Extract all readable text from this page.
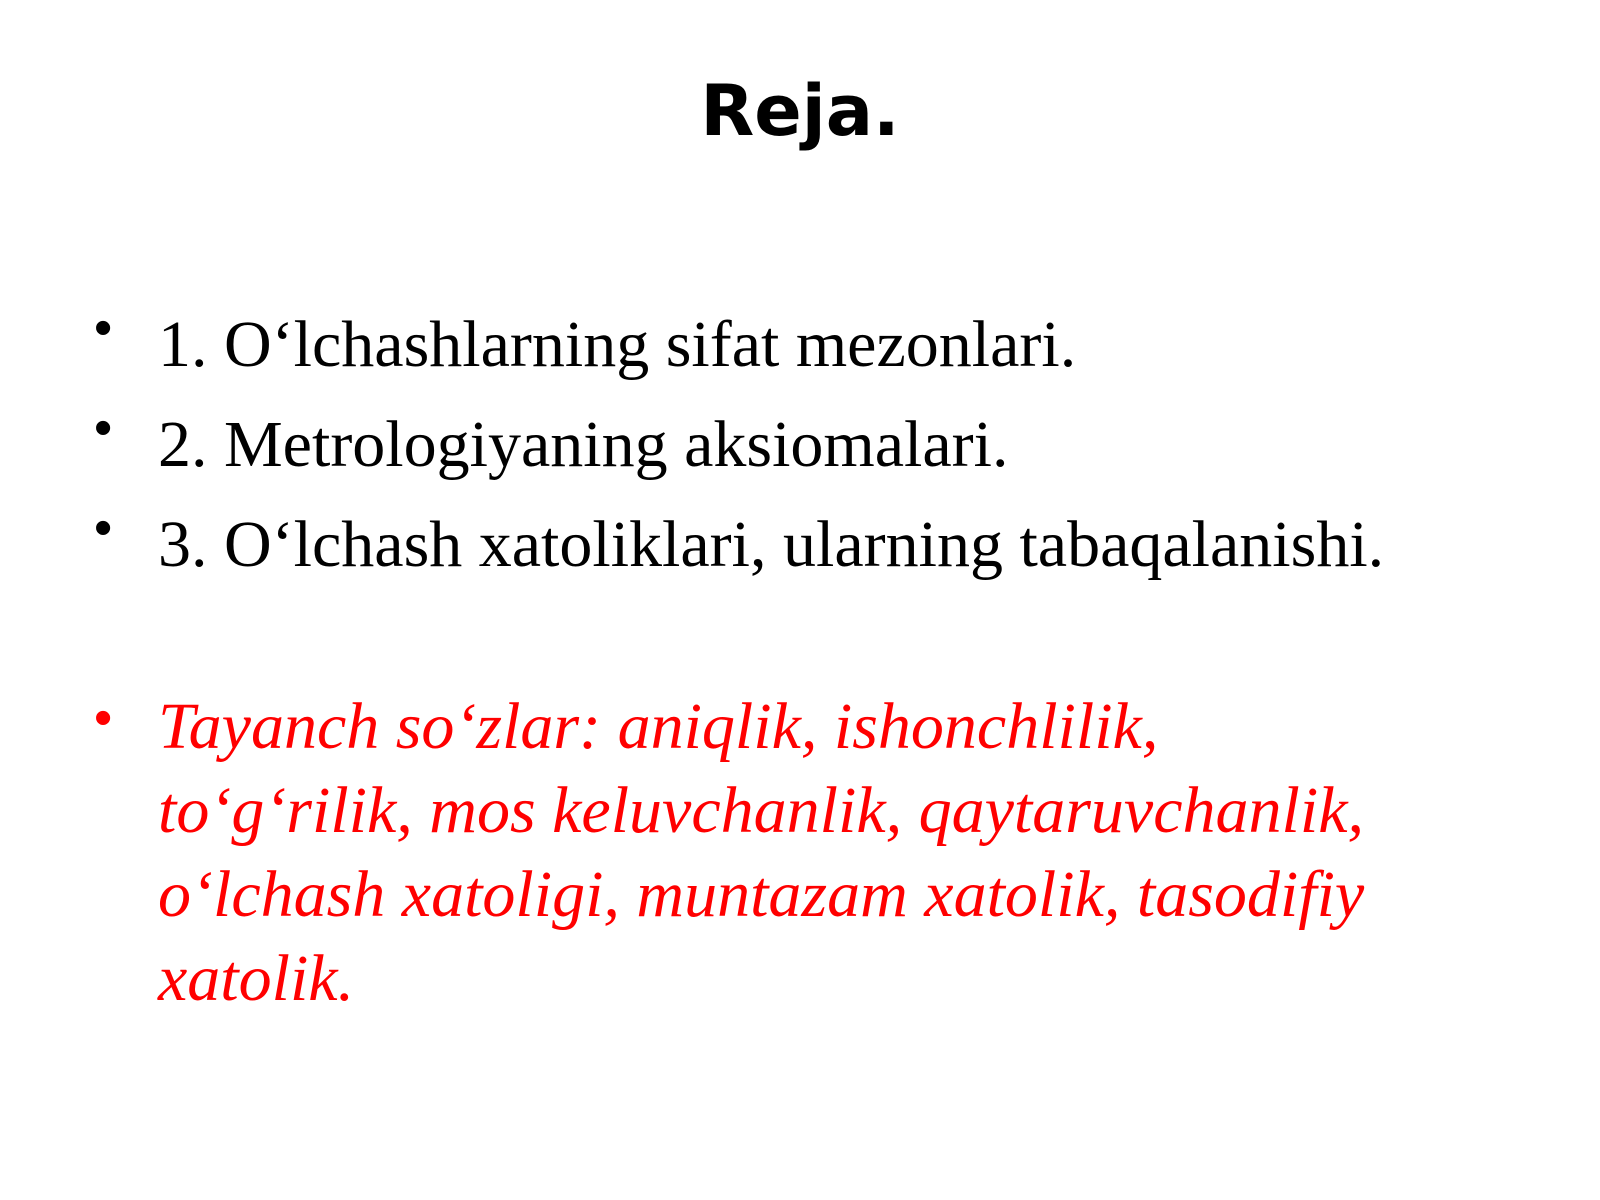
Reja.
• 1. O‘lchashlarning sifat mezonlari.
• 2. Metrologiyaning aksiomalari.
• 3. O‘lchash xatoliklari, ularning tabaqalanishi.
• Tayanch so‘zlar: aniqlik, ishonchlilik,
to‘g‘rilik, mos keluvchanlik, qaytaruvchanlik,
o‘lchash xatoligi, muntazam xatolik, tasodifiy
xatolik.
